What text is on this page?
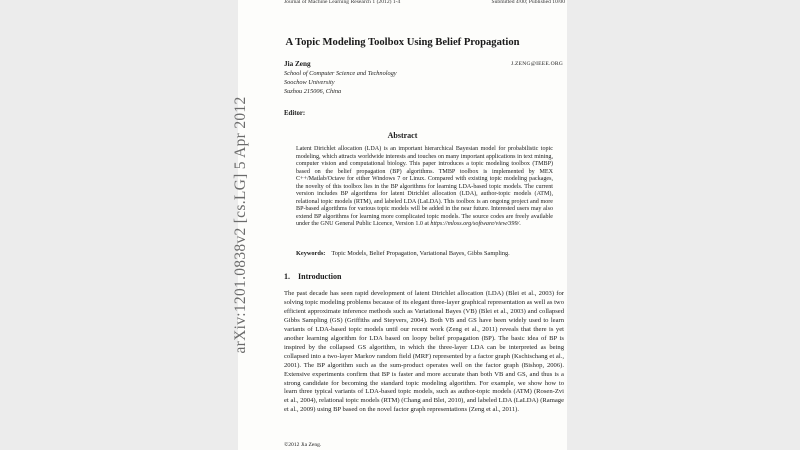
Journal of Machine Learning Research 1 (2012) 1-4	Submitted 4/00; Published 10/00
A Topic Modeling Toolbox Using Belief Propagation
Jia Zeng	J.ZENG@IEEE.ORG
School of Computer Science and Technology
Soochow University
Suzhou 215006, China
Editor:
Abstract
Latent Dirichlet allocation (LDA) is an important hierarchical Bayesian model for probabilistic topic modeling, which attracts worldwide interests and touches on many important applications in text mining, computer vision and computational biology. This paper introduces a topic modeling toolbox (TMBP) based on the belief propagation (BP) algorithms. TMBP toolbox is implemented by MEX C++/Matlab/Octave for either Windows 7 or Linux. Compared with existing topic modeling packages, the novelty of this toolbox lies in the BP algorithms for learning LDA-based topic models. The current version includes BP algorithms for latent Dirichlet allocation (LDA), author-topic models (ATM), relational topic models (RTM), and labeled LDA (LaLDA). This toolbox is an ongoing project and more BP-based algorithms for various topic models will be added in the near future. Interested users may also extend BP algorithms for learning more complicated topic models. The source codes are freely available under the GNU General Public Licence, Version 1.0 at https://mloss.org/software/view/399/.
Keywords: Topic Models, Belief Propagation, Variational Bayes, Gibbs Sampling.
1. Introduction
The past decade has seen rapid development of latent Dirichlet allocation (LDA) (Blei et al., 2003) for solving topic modeling problems because of its elegant three-layer graphical representation as well as two efficient approximate inference methods such as Variational Bayes (VB) (Blei et al., 2003) and collapsed Gibbs Sampling (GS) (Griffiths and Steyvers, 2004). Both VB and GS have been widely used to learn variants of LDA-based topic models until our recent work (Zeng et al., 2011) reveals that there is yet another learning algorithm for LDA based on loopy belief propagation (BP). The basic idea of BP is inspired by the collapsed GS algorithm, in which the three-layer LDA can be interpreted as being collapsed into a two-layer Markov random field (MRF) represented by a factor graph (Kschischang et al., 2001). The BP algorithm such as the sum-product operates well on the factor graph (Bishop, 2006). Extensive experiments confirm that BP is faster and more accurate than both VB and GS, and thus is a strong candidate for becoming the standard topic modeling algorithm. For example, we show how to learn three typical variants of LDA-based topic models, such as author-topic models (ATM) (Rosen-Zvi et al., 2004), relational topic models (RTM) (Chang and Blei, 2010), and labeled LDA (LaLDA) (Ramage et al., 2009) using BP based on the novel factor graph representations (Zeng et al., 2011).
©2012 Jia Zeng.
arXiv:1201.0838v2 [cs.LG] 5 Apr 2012
